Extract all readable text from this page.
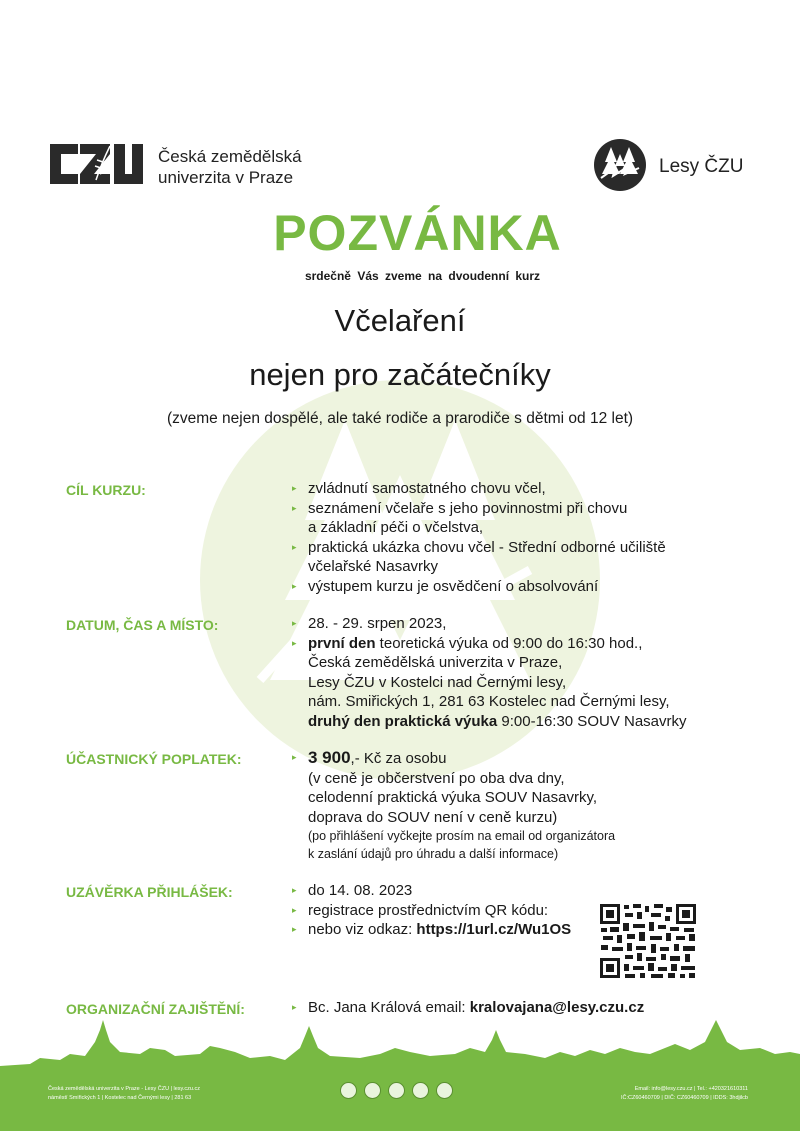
Česká zemědělská
univerzita v Praze
Lesy ČZU
POZVÁNKA
srdečně Vás zveme na dvoudenní kurz
Včelaření
nejen pro začátečníky
(zveme nejen dospělé, ale také rodiče a prarodiče s dětmi od 12 let)
CÍL KURZU:	▸ zvládnutí samostatného chovu včel,
▸ seznámení včelaře s jeho povinnostmi při chovu
a základní péči o včelstva,
▸ praktická ukázka chovu včel - Střední odborné učiliště
včelařské Nasavrky
▸ výstupem kurzu je osvědčení o absolvování
DATUM, ČAS A MÍSTO:	▸ 28. - 29. srpen 2023,
▸ první den teoretická výuka od 9:00 do 16:30 hod.,
Česká zemědělská univerzita v Praze,
Lesy ČZU v Kostelci nad Černými lesy,
nám. Smiřických 1, 281 63 Kostelec nad Černými lesy,
druhý den praktická výuka 9:00-16:30 SOUV Nasavrky
ÚČASTNICKÝ POPLATEK:	▸ 3 900,- Kč za osobu
(v ceně je občerstvení po oba dva dny,
celodenní praktická výuka SOUV Nasavrky,
doprava do SOUV není v ceně kurzu)
(po přihlášení vyčkejte prosím na email od organizátora
k zaslání údajů pro úhradu a další informace)
UZÁVĚRKA PŘIHLÁŠEK:	▸ do 14. 08. 2023
▸ registrace prostřednictvím QR kódu:
▸ nebo viz odkaz: https://1url.cz/Wu1OS
ORGANIZAČNÍ ZAJIŠTĚNÍ:	▸ Bc. Jana Králová email: kralovajana@lesy.czu.cz
Česká zemědělská univerzita v Praze - Lesy ČZU | lesy.czu.cz
náměstí Smiřických 1 | Kostelec nad Černými lesy | 281 63
Email: info@lesy.czu.cz | Tel.: +420321610311
IČ:CZ60460709 | DIČ: CZ60460709 | IDDS: 3hdjilcb
